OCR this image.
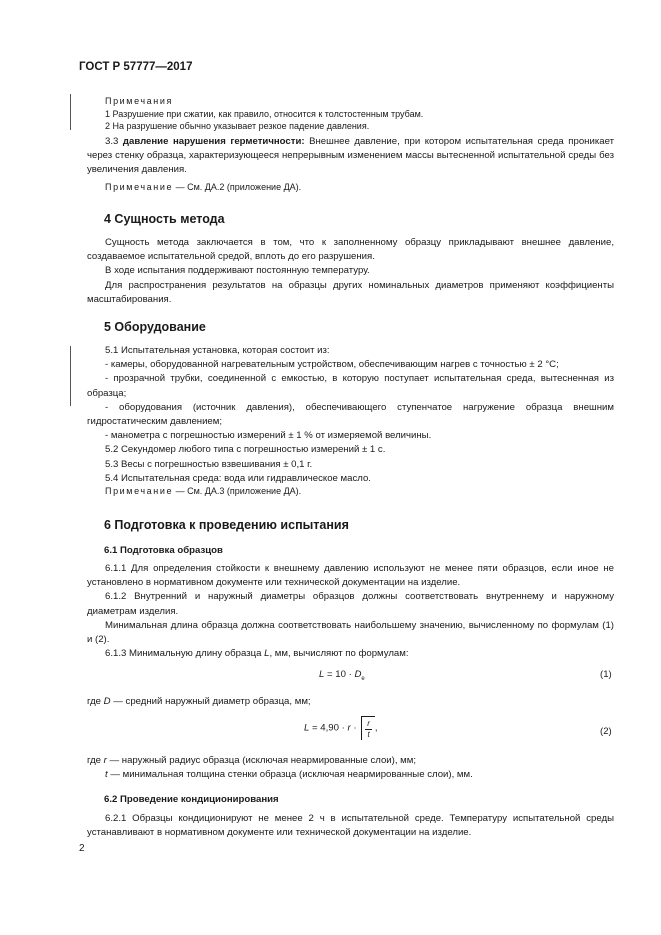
ГОСТ Р 57777—2017

Примечания

1 Разрушение при сжатии, как правило, относится к толстостенным трубам.

2 На разрушение обычно указывает резкое падение давления.

3.3 давление нарушения герметичности: Внешнее давление, при котором испытательная среда проникает через стенку образца, характеризующееся непрерывным изменением массы вытесненной испытательной среды без увеличения давления.

Примечание — См. ДА.2 (приложение ДА).

4 Сущность метода

Сущность метода заключается в том, что к заполненному образцу прикладывают внешнее давление, создаваемое испытательной средой, вплоть до его разрушения.

В ходе испытания поддерживают постоянную температуру.

Для распространения результатов на образцы других номинальных диаметров применяют коэффициенты масштабирования.

5 Оборудование

5.1 Испытательная установка, которая состоит из:

- камеры, оборудованной нагревательным устройством, обеспечивающим нагрев с точностью ± 2 °С;

- прозрачной трубки, соединенной с емкостью, в которую поступает испытательная среда, вытесненная из образца;

- оборудования (источник давления), обеспечивающего ступенчатое нагружение образца внешним гидростатическим давлением;

- манометра с погрешностью измерений ± 1 % от измеряемой величины.

5.2 Секундомер любого типа с погрешностью измерений ± 1 с.

5.3 Весы с погрешностью взвешивания ± 0,1 г.

5.4 Испытательная среда: вода или гидравлическое масло.

Примечание — См. ДА.3 (приложение ДА).

6 Подготовка к проведению испытания
6.1 Подготовка образцов

6.1.1 Для определения стойкости к внешнему давлению используют не менее пяти образцов, если иное не установлено в нормативном документе или технической документации на изделие.

6.1.2 Внутренний и наружный диаметры образцов должны соответствовать внутреннему и наружному диаметрам изделия.

Минимальная длина образца должна соответствовать наибольшему значению, вычисленному по формулам (1) и (2).

6.1.3 Минимальную длину образца L, мм, вычисляют по формулам:

$L = 10 \cdot D_e$	(1)

где D — средний наружный диаметр образца, мм;

$L = 4,90 \cdot r \cdot \frac{r}{t}$ ,	(2)

где r — наружный радиус образца (исключая неармированные слои), мм;

t — минимальная толщина стенки образца (исключая неармированные слои), мм.

6.2 Проведение кондиционирования

6.2.1 Образцы кондиционируют не менее 2 ч в испытательной среде. Температуру испытательной среды устанавливают в нормативном документе или технической документации на изделие.

2
